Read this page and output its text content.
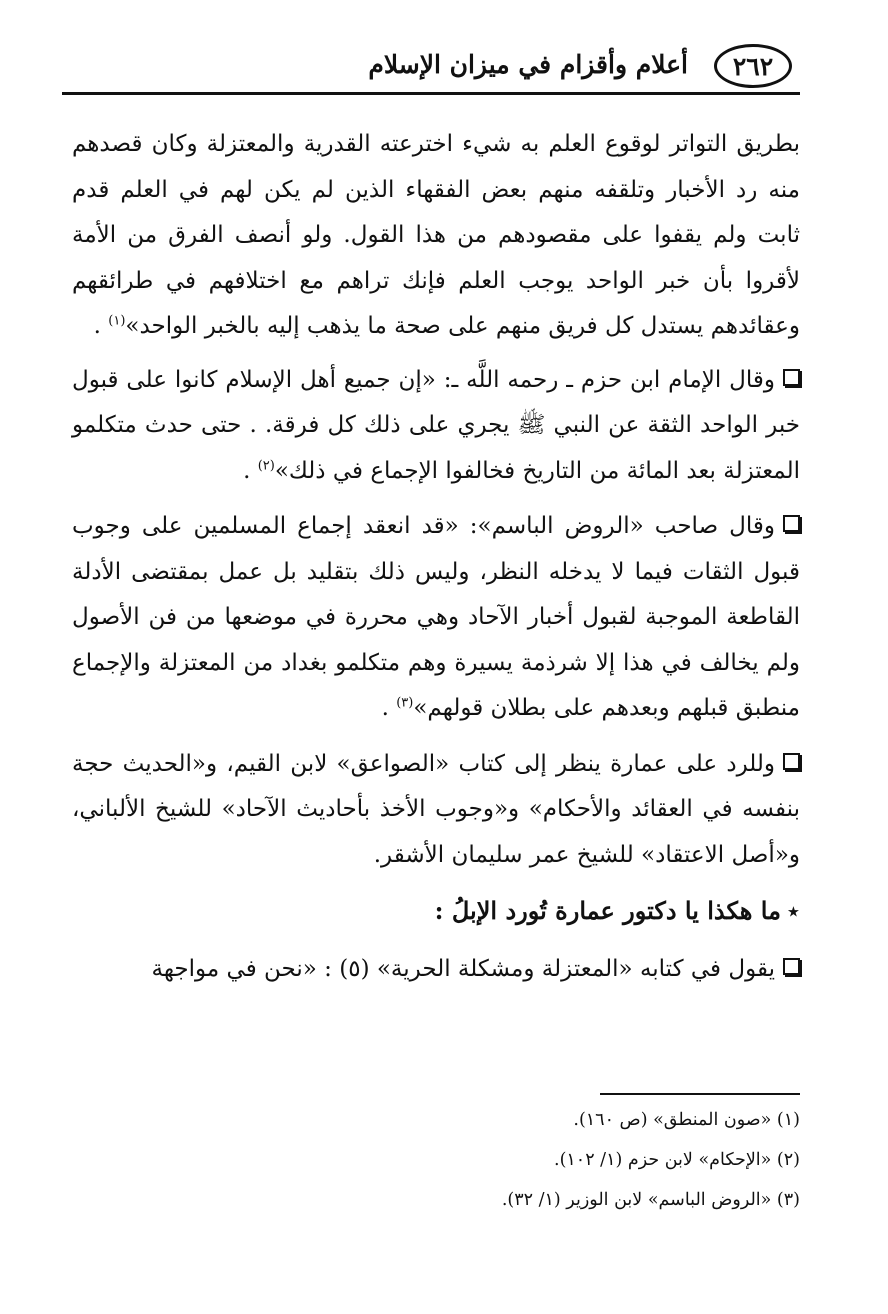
٢٦٢
أعلام وأقزام في ميزان الإسلام

بطريق التواتر لوقوع العلم به شيء اخترعته القدرية والمعتزلة وكان قصدهم منه رد الأخبار وتلقفه منهم بعض الفقهاء الذين لم يكن لهم في العلم قدم ثابت ولم يقفوا على مقصودهم من هذا القول. ولو أنصف الفرق من الأمة لأقروا بأن خبر الواحد يوجب العلم فإنك تراهم مع اختلافهم في طرائقهم وعقائدهم يستدل كل فريق منهم على صحة ما يذهب إليه بالخبر الواحد»$^{(١)}$ .

وقال الإمام ابن حزم ـ رحمه اللَّه ـ: «إن جميع أهل الإسلام كانوا على قبول خبر الواحد الثقة عن النبي ﷺ يجري على ذلك كل فرقة. . حتى حدث متكلمو المعتزلة بعد المائة من التاريخ فخالفوا الإجماع في ذلك»$^{(٢)}$ .

وقال صاحب «الروض الباسم»: «قد انعقد إجماع المسلمين على وجوب قبول الثقات فيما لا يدخله النظر، وليس ذلك بتقليد بل عمل بمقتضى الأدلة القاطعة الموجبة لقبول أخبار الآحاد وهي محررة في موضعها من فن الأصول ولم يخالف في هذا إلا شرذمة يسيرة وهم متكلمو بغداد من المعتزلة والإجماع منطبق قبلهم وبعدهم على بطلان قولهم»$^{(٣)}$ .

وللرد على عمارة ينظر إلى كتاب «الصواعق» لابن القيم، و«الحديث حجة بنفسه في العقائد والأحكام» و«وجوب الأخذ بأحاديث الآحاد» للشيخ الألباني، و«أصل الاعتقاد» للشيخ عمر سليمان الأشقر.

٭ما هكذا يا دكتور عمارة تُورد الإبلُ :

يقول في كتابه «المعتزلة ومشكلة الحرية» (٥) : «نحن في مواجهة

(١) «صون المنطق» (ص ١٦٠).
(٢) «الإحكام» لابن حزم (١/ ١٠٢).
(٣) «الروض الباسم» لابن الوزير (١/ ٣٢).
